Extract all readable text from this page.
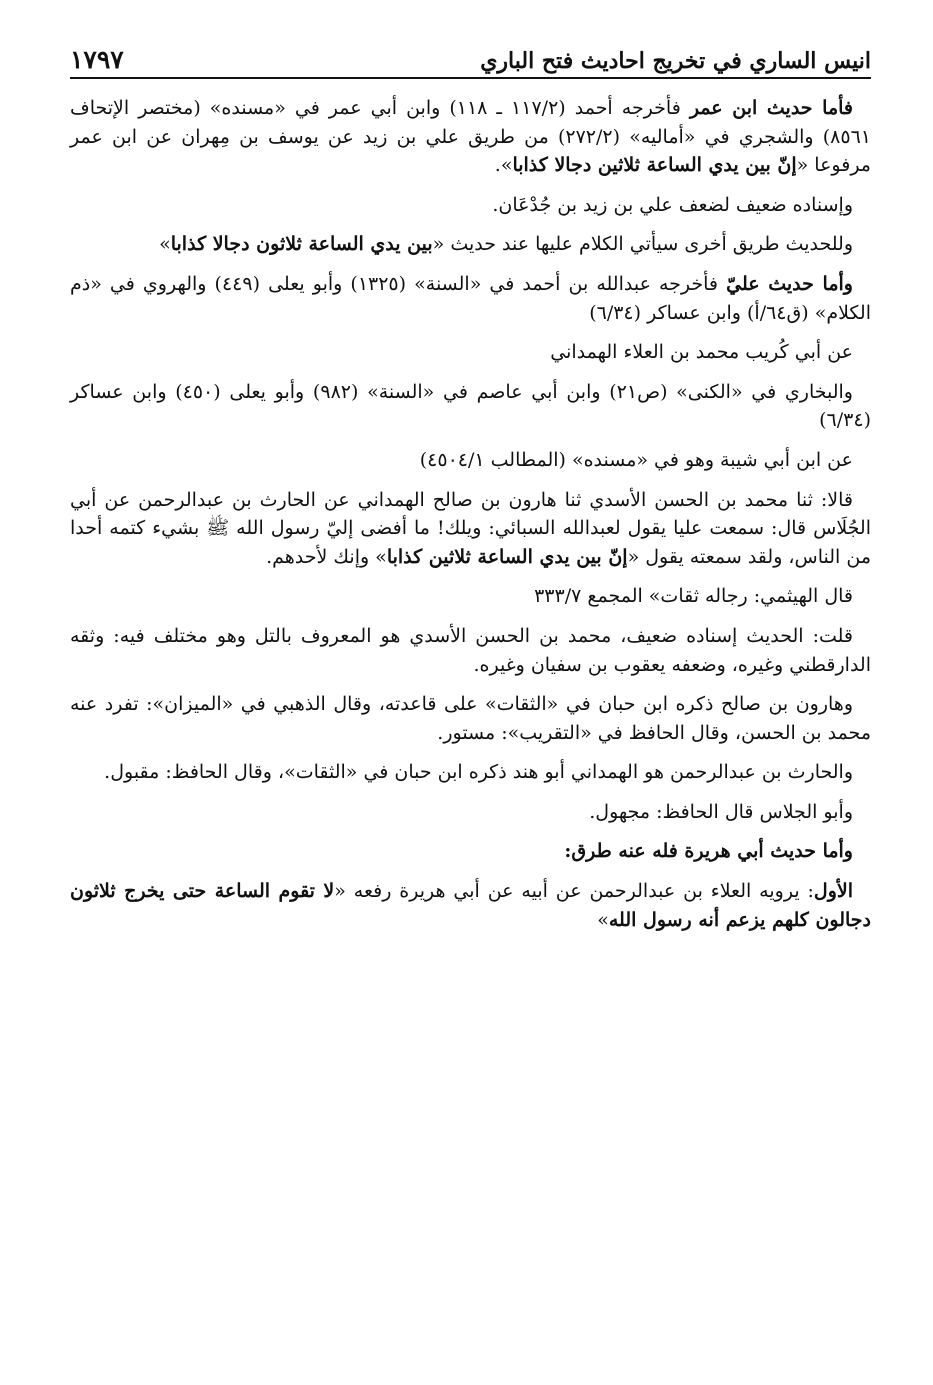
انيس الساري في تخريج احاديث فتح الباري
١٧٩٧

فأما حديث ابن عمر فأخرجه أحمد (١١٧/٢ ـ ١١٨) وابن أبي عمر في «مسنده» (مختصر الإتحاف ٨٥٦١) والشجري في «أماليه» (٢٧٢/٢) من طريق علي بن زيد عن يوسف بن مِهران عن ابن عمر مرفوعا «إنّ بين يدي الساعة ثلاثين دجالا كذابا».

وإسناده ضعيف لضعف علي بن زيد بن جُدْعَان.

وللحديث طريق أخرى سيأتي الكلام عليها عند حديث «بين يدي الساعة ثلاثون دجالا كذابا»

وأما حديث عليّ فأخرجه عبدالله بن أحمد في «السنة» (١٣٢٥) وأبو يعلى (٤٤٩) والهروي في «ذم الكلام» (ق٦٤/أ) وابن عساكر (٦/٣٤)

عن أبي كُريب محمد بن العلاء الهمداني

والبخاري في «الكنى» (ص٢١) وابن أبي عاصم في «السنة» (٩٨٢) وأبو يعلى (٤٥٠) وابن عساكر (٦/٣٤)

عن ابن أبي شيبة وهو في «مسنده» (المطالب ٤٥٠٤/١)

قالا: ثنا محمد بن الحسن الأسدي ثنا هارون بن صالح الهمداني عن الحارث بن عبدالرحمن عن أبي الجُلَاس قال: سمعت عليا يقول لعبدالله السبائي: ويلك! ما أفضى إليّ رسول الله ﷺ بشيء كتمه أحدا من الناس، ولقد سمعته يقول «إنّ بين يدي الساعة ثلاثين كذابا» وإنك لأحدهم.

قال الهيثمي: رجاله ثقات» المجمع ٣٣٣/٧

قلت: الحديث إسناده ضعيف، محمد بن الحسن الأسدي هو المعروف بالتل وهو مختلف فيه: وثقه الدارقطني وغيره، وضعفه يعقوب بن سفيان وغيره.

وهارون بن صالح ذكره ابن حبان في «الثقات» على قاعدته، وقال الذهبي في «الميزان»: تفرد عنه محمد بن الحسن، وقال الحافظ في «التقريب»: مستور.

والحارث بن عبدالرحمن هو الهمداني أبو هند ذكره ابن حبان في «الثقات»، وقال الحافظ: مقبول.

وأبو الجلاس قال الحافظ: مجهول.

وأما حديث أبي هريرة فله عنه طرق:

الأول: يرويه العلاء بن عبدالرحمن عن أبيه عن أبي هريرة رفعه «لا تقوم الساعة حتى يخرج ثلاثون دجالون كلهم يزعم أنه رسول الله»
